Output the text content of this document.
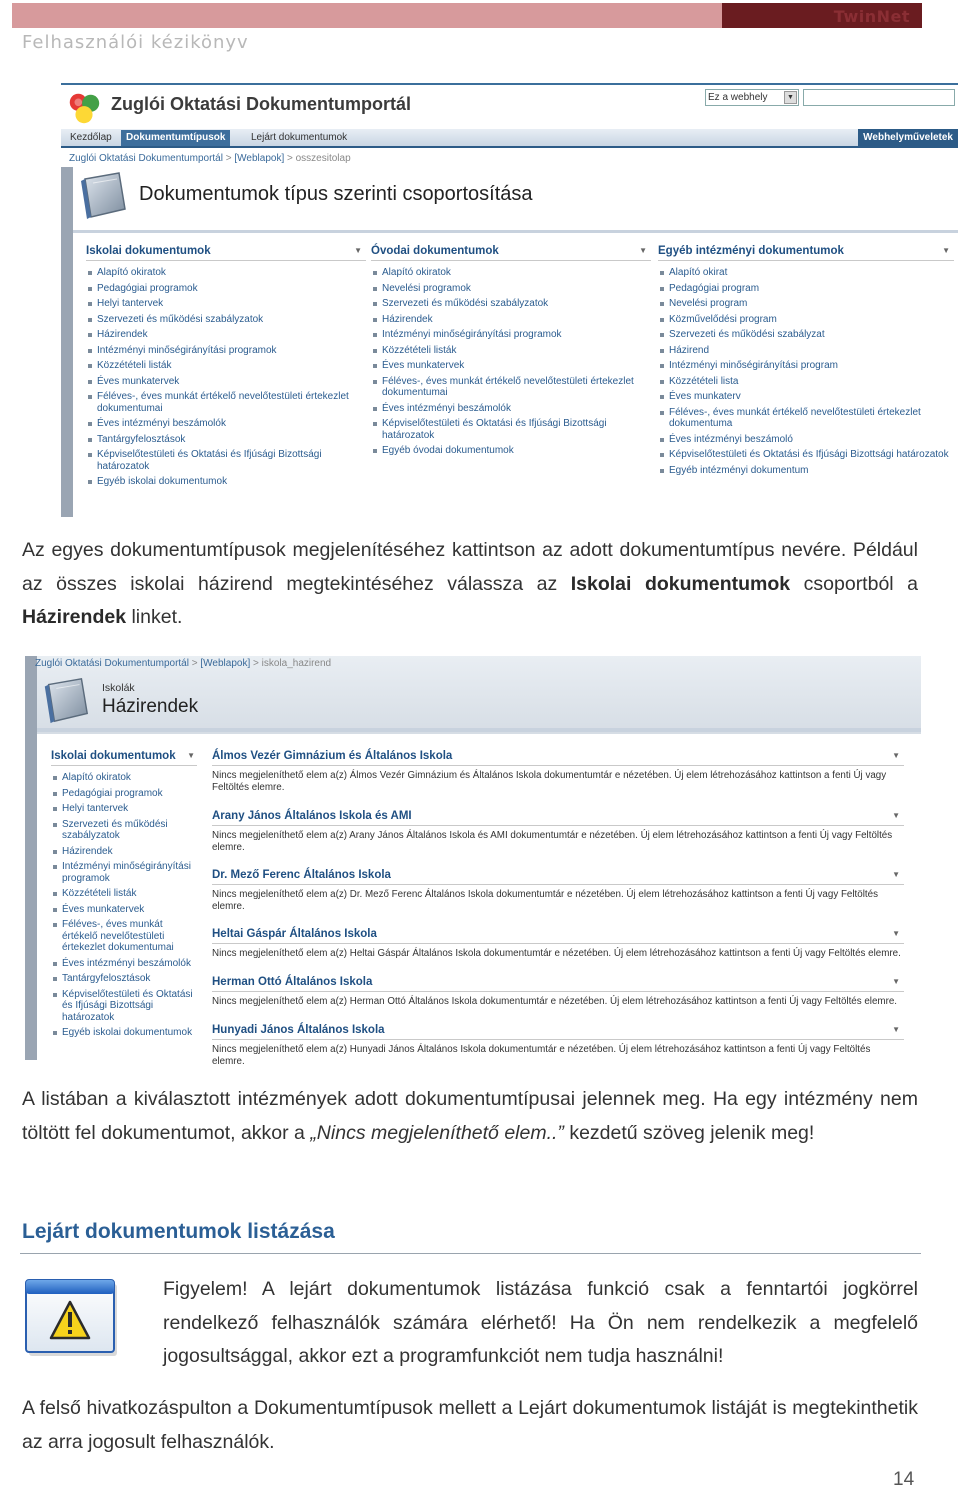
TwinNet
Felhasználói kézikönyv
Zuglói Oktatási Dokumentumportál	Ez a webhely	▼
Kezdőlap	Dokumentumtípusok	Lejárt dokumentumok	Webhelyműveletek
Zuglói Oktatási Dokumentumportál > [Weblapok] > osszesitolap
Dokumentumok típus szerinti csoportosítása
Iskolai dokumentumok	▼
Alapító okiratok
Pedagógiai programok
Helyi tantervek
Szervezeti és működési szabályzatok
Házirendek
Intézményi minőségirányítási programok
Közzétételi listák
Éves munkatervek
Féléves-, éves munkát értékelő nevelőtestületi értekezlet dokumentumai
Éves intézményi beszámolók
Tantárgyfelosztások
Képviselőtestületi és Oktatási és Ifjúsági Bizottsági határozatok
Egyéb iskolai dokumentumok
Óvodai dokumentumok	▼
Alapító okiratok
Nevelési programok
Szervezeti és működési szabályzatok
Házirendek
Intézményi minőségirányítási programok
Közzétételi listák
Éves munkatervek
Féléves-, éves munkát értékelő nevelőtestületi értekezlet dokumentumai
Éves intézményi beszámolók
Képviselőtestületi és Oktatási és Ifjúsági Bizottsági határozatok
Egyéb óvodai dokumentumok
Egyéb intézményi dokumentumok	▼
Alapító okirat
Pedagógiai program
Nevelési program
Közművelődési program
Szervezeti és működési szabályzat
Házirend
Intézményi minőségirányítási program
Közzétételi lista
Éves munkaterv
Féléves-, éves munkát értékelő nevelőtestületi értekezlet dokumentuma
Éves intézményi beszámoló
Képviselőtestületi és Oktatási és Ifjúsági Bizottsági határozatok
Egyéb intézményi dokumentum
Az egyes dokumentumtípusok megjelenítéséhez kattintson az adott dokumentumtípus nevére. Például az összes iskolai házirend megtekintéséhez válassza az Iskolai dokumentumok csoportból a Házirendek linket.
Zuglói Oktatási Dokumentumportál > [Weblapok] > iskola_hazirend
Iskolák
Házirendek
Iskolai dokumentumok ▼
Alapító okiratok
Pedagógiai programok
Helyi tantervek
Szervezeti és működési szabályzatok
Házirendek
Intézményi minőségirányítási programok
Közzétételi listák
Éves munkatervek
Féléves-, éves munkát értékelő nevelőtestületi értekezlet dokumentumai
Éves intézményi beszámolók
Tantárgyfelosztások
Képviselőtestületi és Oktatási és Ifjúsági Bizottsági határozatok
Egyéb iskolai dokumentumok
Álmos Vezér Gimnázium és Általános Iskola	▼
Nincs megjeleníthető elem a(z) Álmos Vezér Gimnázium és Általános Iskola dokumentumtár e nézetében. Új elem létrehozásához kattintson a fenti Új vagy Feltöltés elemre.
Arany János Általános Iskola és AMI	▼
Nincs megjeleníthető elem a(z) Arany János Általános Iskola és AMI dokumentumtár e nézetében. Új elem létrehozásához kattintson a fenti Új vagy Feltöltés elemre.
Dr. Mező Ferenc Általános Iskola	▼
Nincs megjeleníthető elem a(z) Dr. Mező Ferenc Általános Iskola dokumentumtár e nézetében. Új elem létrehozásához kattintson a fenti Új vagy Feltöltés elemre.
Heltai Gáspár Általános Iskola	▼
Nincs megjeleníthető elem a(z) Heltai Gáspár Általános Iskola dokumentumtár e nézetében. Új elem létrehozásához kattintson a fenti Új vagy Feltöltés elemre.
Herman Ottó Általános Iskola	▼
Nincs megjeleníthető elem a(z) Herman Ottó Általános Iskola dokumentumtár e nézetében. Új elem létrehozásához kattintson a fenti Új vagy Feltöltés elemre.
Hunyadi János Általános Iskola	▼
Nincs megjeleníthető elem a(z) Hunyadi János Általános Iskola dokumentumtár e nézetében. Új elem létrehozásához kattintson a fenti Új vagy Feltöltés elemre.
A listában a kiválasztott intézmények adott dokumentumtípusai jelennek meg. Ha egy intézmény nem töltött fel dokumentumot, akkor a „Nincs megjeleníthető elem..” kezdetű szöveg jelenik meg!
Lejárt dokumentumok listázása
Figyelem! A lejárt dokumentumok listázása funkció csak a fenntartói jogkörrel rendelkező felhasználók számára elérhető! Ha Ön nem rendelkezik a megfelelő jogosultsággal, akkor ezt a programfunkciót nem tudja használni!
A felső hivatkozáspulton a Dokumentumtípusok mellett a Lejárt dokumentumok listáját is megtekinthetik az arra jogosult felhasználók.
14
